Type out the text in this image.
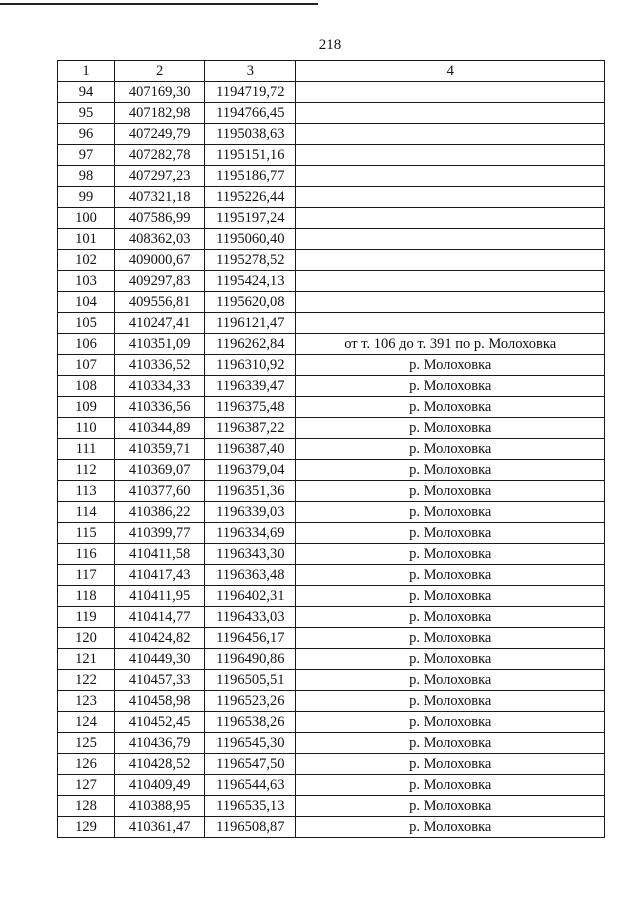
218
1	2	3	4
94	407169,30	1194719,72	
95	407182,98	1194766,45	
96	407249,79	1195038,63	
97	407282,78	1195151,16	
98	407297,23	1195186,77	
99	407321,18	1195226,44	
100	407586,99	1195197,24	
101	408362,03	1195060,40	
102	409000,67	1195278,52	
103	409297,83	1195424,13	
104	409556,81	1195620,08	
105	410247,41	1196121,47	
106	410351,09	1196262,84	от т. 106 до т. 391 по р. Молоховка
107	410336,52	1196310,92	р. Молоховка
108	410334,33	1196339,47	р. Молоховка
109	410336,56	1196375,48	р. Молоховка
110	410344,89	1196387,22	р. Молоховка
111	410359,71	1196387,40	р. Молоховка
112	410369,07	1196379,04	р. Молоховка
113	410377,60	1196351,36	р. Молоховка
114	410386,22	1196339,03	р. Молоховка
115	410399,77	1196334,69	р. Молоховка
116	410411,58	1196343,30	р. Молоховка
117	410417,43	1196363,48	р. Молоховка
118	410411,95	1196402,31	р. Молоховка
119	410414,77	1196433,03	р. Молоховка
120	410424,82	1196456,17	р. Молоховка
121	410449,30	1196490,86	р. Молоховка
122	410457,33	1196505,51	р. Молоховка
123	410458,98	1196523,26	р. Молоховка
124	410452,45	1196538,26	р. Молоховка
125	410436,79	1196545,30	р. Молоховка
126	410428,52	1196547,50	р. Молоховка
127	410409,49	1196544,63	р. Молоховка
128	410388,95	1196535,13	р. Молоховка
129	410361,47	1196508,87	р. Молоховка
